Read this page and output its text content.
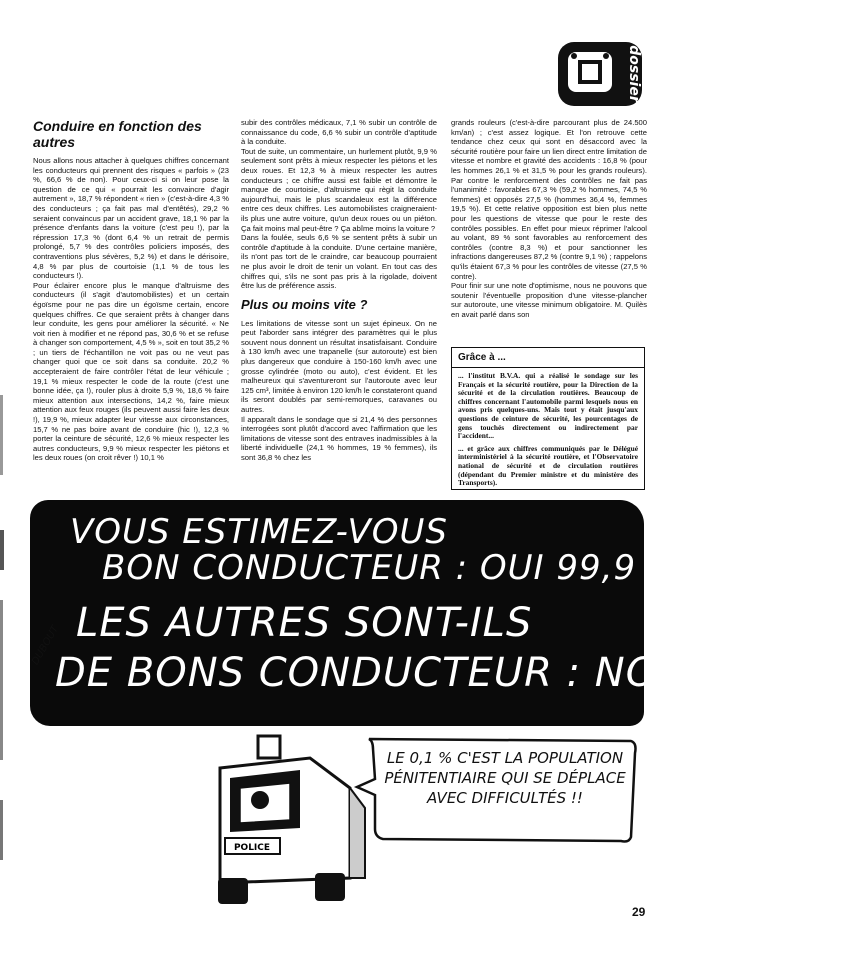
dossier
Conduire en fonction des autres

Nous allons nous attacher à quelques chiffres concernant les conducteurs qui prennent des risques « parfois » (23 %, 66,6 % de non). Pour ceux-ci si on leur pose la question de ce qui « pourrait les convaincre d'agir autrement », 18,7 % répondent « rien » (c'est-à-dire 4,3 % des conducteurs ; ça fait pas mal d'entêtés), 29,2 % seraient convaincus par un accident grave, 18,1 % par la présence d'enfants dans la voiture (c'est peu !), par la répression 17,3 % (dont 6,4 % un retrait de permis prolongé, 5,7 % des contrôles policiers imposés, des contraventions plus sévères, 5,2 %) et dans le dérisoire, 4,8 % par plus de courtoisie (1,1 % de tous les conducteurs !).

Pour éclairer encore plus le manque d'altruisme des conducteurs (il s'agit d'automobilistes) et un certain égoïsme pour ne pas dire un égoïsme certain, encore quelques chiffres. Ce que seraient prêts à changer dans leur conduite, les gens pour améliorer la sécurité. « Ne voit rien à modifier et ne répond pas, 30,6 % et se refuse à changer son comportement, 4,5 % », soit en tout 35,2 % ; un tiers de l'échantillon ne voit pas ou ne veut pas changer quoi que ce soit dans sa conduite. 20,2 % accepteraient de faire contrôler l'état de leur véhicule ; 19,1 % mieux respecter le code de la route (c'est une bonne idée, ça !), rouler plus à droite 5,9 %, 18,6 % faire mieux attention aux intersections, 14,2 %, faire mieux attention aux feux rouges (ils peuvent aussi faire les deux !), 19,9 %, mieux adapter leur vitesse aux circonstances, 15,7 % ne pas boire avant de conduire (hic !), 12,3 % porter la ceinture de sécurité, 12,6 % mieux respecter les autres conducteurs, 9,9 % mieux respecter les piétons et les deux roues (on croit rêver !) 10,1 %

subir des contrôles médicaux, 7,1 % subir un contrôle de connaissance du code, 6,6 % subir un contrôle d'aptitude à la conduite.

Tout de suite, un commentaire, un hurlement plutôt, 9,9 % seulement sont prêts à mieux respecter les piétons et les deux roues. Et 12,3 % à mieux respecter les autres conducteurs ; ce chiffre aussi est faible et démontre le manque de courtoisie, d'altruisme qui règit la conduite aujourd'hui, mais le plus scandaleux est la différence entre ces deux chiffres. Les automobilistes craigneraient-ils plus une autre voiture, qu'un deux roues ou un piéton. Ça fait moins mal peut-être ? Ça abîme moins la voiture ?

Dans la foulée, seuls 6,6 % se sentent prêts à subir un contrôle d'aptitude à la conduite. D'une certaine manière, ils n'ont pas tort de le craindre, car beaucoup pourraient ne plus avoir le droit de tenir un volant. En tout cas des chiffres qui, s'ils ne sont pas pris à la rigolade, doivent être lus de préférence assis.

Plus ou moins vite ?

Les limitations de vitesse sont un sujet épineux. On ne peut l'aborder sans intégrer des paramètres qui le plus souvent nous donnent un résultat insatisfaisant. Conduire à 130 km/h avec une trapanelle (sur autoroute) est bien plus dangereux que conduire à 150-160 km/h avec une grosse cylindrée (moto ou auto), c'est évident. Et les malheureux qui s'aventureront sur l'autoroute avec leur 125 cm³, limitée à environ 120 km/h le constateront quand ils seront doublés par semi-remorques, caravanes ou autres.

Il apparaît dans le sondage que si 21,4 % des personnes interrogées sont plutôt d'accord avec l'affirmation que les limitations de vitesse sont des entraves inadmissibles à la liberté individuelle (24,1 % hommes, 19 % femmes), ils sont 36,8 % chez les

grands rouleurs (c'est-à-dire parcourant plus de 24.500 km/an) ; c'est assez logique. Et l'on retrouve cette tendance chez ceux qui sont en désaccord avec la sécurité routière pour faire un lien direct entre limitation de vitesse et nombre et gravité des accidents : 16,8 % (pour les hommes 26,1 % et 31,5 % pour les grands rouleurs). Par contre le renforcement des contrôles ne fait pas l'unanimité : favorables 67,3 % (59,2 % hommes, 74,5 % femmes) et opposés 27,5 % (hommes 36,4 %, femmes 19,5 %). Et cette relative opposition est bien plus nette pour les questions de vitesse que pour le reste des contrôles possibles. En effet pour mieux réprimer l'alcool au volant, 89 % sont favorables au renforcement des contrôles (contre 8,3 %) et pour sanctionner les infractions dangereuses 87,2 % (contre 9,1 %) ; rappelons qu'ils étaient 67,3 % pour les contrôles de vitesse (27,5 % contre).

Pour finir sur une note d'optimisme, nous ne pouvons que soutenir l'éventuelle proposition d'une vitesse-plancher sur autoroute, une vitesse minimum obligatoire. M. Quilès en avait parlé dans son

Grâce à ...
... l'institut B.V.A. qui a réalisé le sondage sur les Français et la sécurité routière, pour la Direction de la sécurité et de la circulation routières. Beaucoup de chiffres concernant l'automobile parmi lesquels nous en avons pris quelques-uns. Mais tout y était jusqu'aux questions de ceinture de sécurité, les pourcentages de gens touchés directement ou indirectement par l'accident...
... et grâce aux chiffres communiqués par le Délégué interministériel à la sécurité routière, et l'Observatoire national de sécurité et de circulation routières (dépendant du Premier ministre et du ministère des Transports).
VOUS ESTIMEZ-VOUS
BON CONDUCTEUR : OUI 99,9 %
LES AUTRES SONT-ILS
DE BONS CONDUCTEUR : NON 99,9 %
DUBOUT
POLICE
LE 0,1 % C'EST LA POPULATION PÉNITENTIAIRE QUI SE DÉPLACE AVEC DIFFICULTÉS !!
29
